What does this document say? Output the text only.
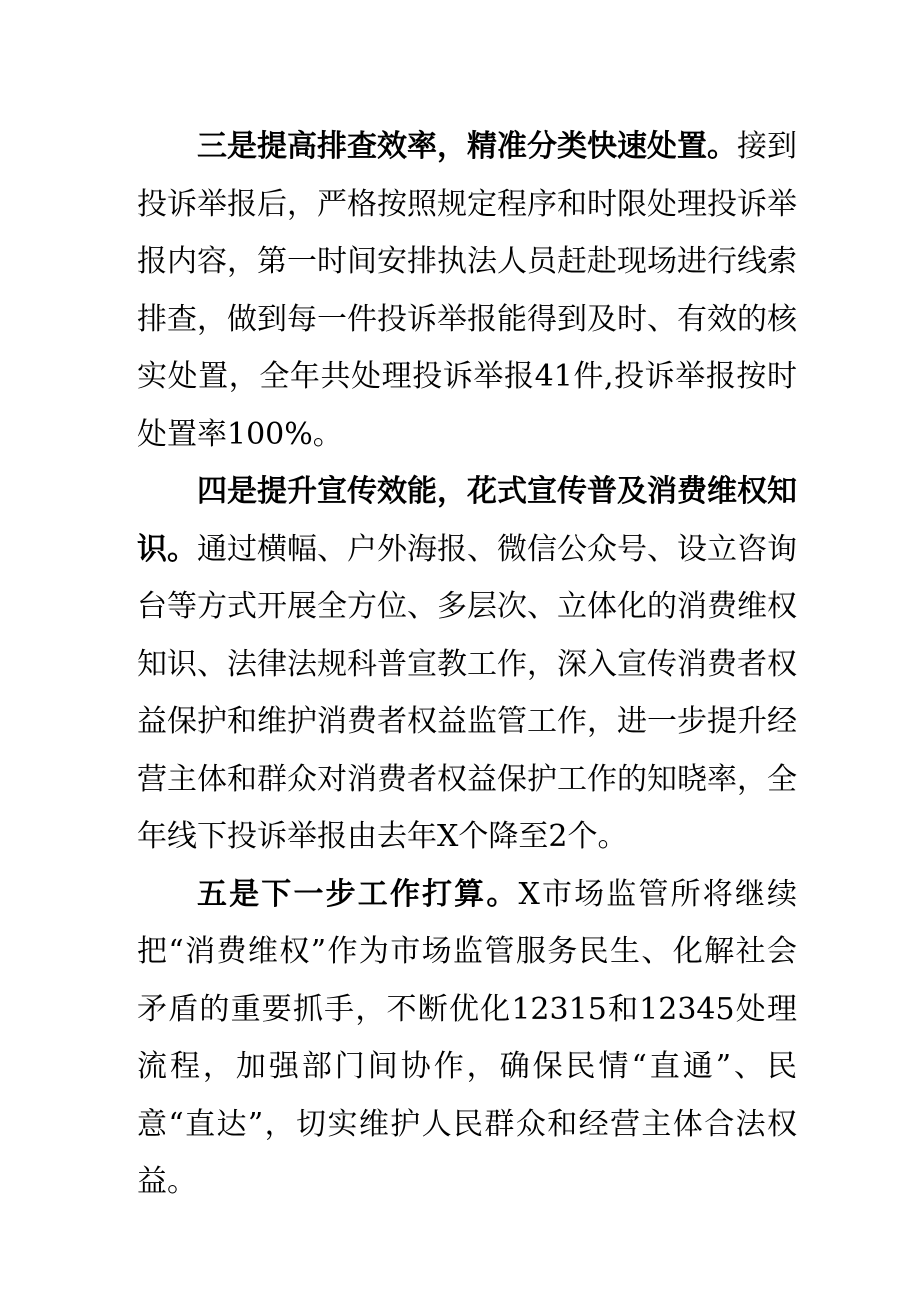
三是提高排查效率，精准分类快速处置。接到投诉举报后，严格按照规定程序和时限处理投诉举报内容，第一时间安排执法人员赶赴现场进行线索排查，做到每一件投诉举报能得到及时、有效的核实处置，全年共处理投诉举报41件,投诉举报按时处置率100%。

四是提升宣传效能，花式宣传普及消费维权知识。通过横幅、户外海报、微信公众号、设立咨询台等方式开展全方位、多层次、立体化的消费维权知识、法律法规科普宣教工作，深入宣传消费者权益保护和维护消费者权益监管工作，进一步提升经营主体和群众对消费者权益保护工作的知晓率，全年线下投诉举报由去年X个降至2个。

五是下一步工作打算。X市场监管所将继续把“消费维权”作为市场监管服务民生、化解社会矛盾的重要抓手，不断优化12315和12345处理流程，加强部门间协作，确保民情“直通”、民意“直达”，切实维护人民群众和经营主体合法权益。
